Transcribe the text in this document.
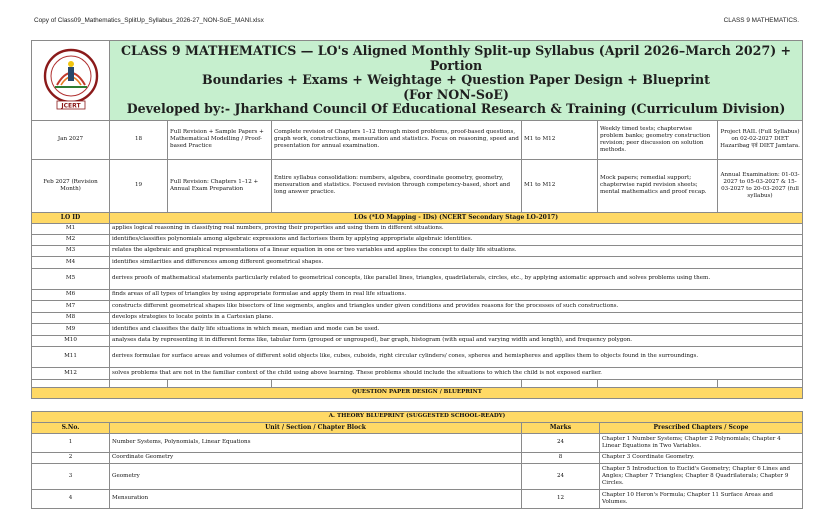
Copy of Class09_Mathematics_SplitUp_Syllabus_2026-27_NON-SoE_MANI.xlsx	CLASS 9 MATHEMATICS.
JCERT	CLASS 9 MATHEMATICS — LO's Aligned Monthly Split-up Syllabus (April 2026–March 2027) + Portion
Boundaries + Exams + Weightage + Question Paper Design + Blueprint
(For NON-SoE)
Developed by:- Jharkhand Council Of Educational Research & Training (Curriculum Division)					

Jan 2027	18	Full Revision + Sample Papers + Mathematical Modelling / Proof-based Practice	Complete revision of Chapters 1–12 through mixed problems, proof-based questions, graph work, constructions, mensuration and statistics. Focus on reasoning, speed and presentation for annual examination.	M1 to M12	Weekly timed tests; chapterwise problem banks; geometry construction revision; peer discussion on solution methods.	Project RAIL (Full Syllabus) on 02-02-2027 DIET Hazaribag एवं DIET Jamtara.
Feb 2027 (Revision Month)	19	Full Revision: Chapters 1–12 + Annual Exam Preparation	Entire syllabus consolidation: numbers, algebra, coordinate geometry, geometry, mensuration and statistics. Focused revision through competency-based, short and long answer practice.	M1 to M12	Mock papers; remedial support; chapterwise rapid revision sheets; mental mathematics and proof recap.	Annual Examination: 01-03-2027 to 05-03-2027 & 15-03-2027 to 20-03-2027 (full syllabus)
LO ID	LOs (*LO Mapping - IDs) (NCERT Secondary Stage LO-2017)					
M1	applies logical reasoning in classifying real numbers, proving their properties and using them in different situations.					
M2	identifies/classifies polynomials among algebraic expressions and factorises them by applying appropriate algebraic identities.					
M3	relates the algebraic and graphical representations of a linear equation in one or two variables and applies the concept to daily life situations.					
M4	identifies similarities and differences among different geometrical shapes.					
M5	derives proofs of mathematical statements particularly related to geometrical concepts, like parallel lines, triangles, quadrilaterals, circles, etc., by applying axiomatic approach and solves problems using them.					
M6	finds areas of all types of triangles by using appropriate formulae and apply them in real life situations.					
M7	constructs different geometrical shapes like bisectors of line segments, angles and triangles under given conditions and provides reasons for the processes of such constructions.					
M8	develops strategies to locate points in a Cartesian plane.					
M9	identifies and classifies the daily life situations in which mean, median and mode can be used.					
M10	analyses data by representing it in different forms like, tabular form (grouped or ungrouped), bar graph, histogram (with equal and varying width and length), and frequency polygon.					
M11	derives formulae for surface areas and volumes of different solid objects like, cubes, cuboids, right circular cylinders/ cones, spheres and hemispheres and applies them to objects found in the surroundings.					
M12	solves problems that are not in the familiar context of the child using above learning. These problems should include the situations to which the child is not exposed earlier.					

QUESTION PAPER DESIGN / BLUEPRINT						
A. THEORY BLUEPRINT (SUGGESTED SCHOOL-READY)			
S.No.	Unit / Section / Chapter Block	Marks	Prescribed Chapters / Scope
1	Number Systems, Polynomials, Linear Equations	24	Chapter 1 Number Systems; Chapter 2 Polynomials; Chapter 4 Linear Equations in Two Variables.
2	Coordinate Geometry	8	Chapter 3 Coordinate Geometry.
3	Geometry	24	Chapter 5 Introduction to Euclid's Geometry; Chapter 6 Lines and Angles; Chapter 7 Triangles; Chapter 8 Quadrilaterals; Chapter 9 Circles.
4	Mensuration	12	Chapter 10 Heron's Formula; Chapter 11 Surface Areas and Volumes.
